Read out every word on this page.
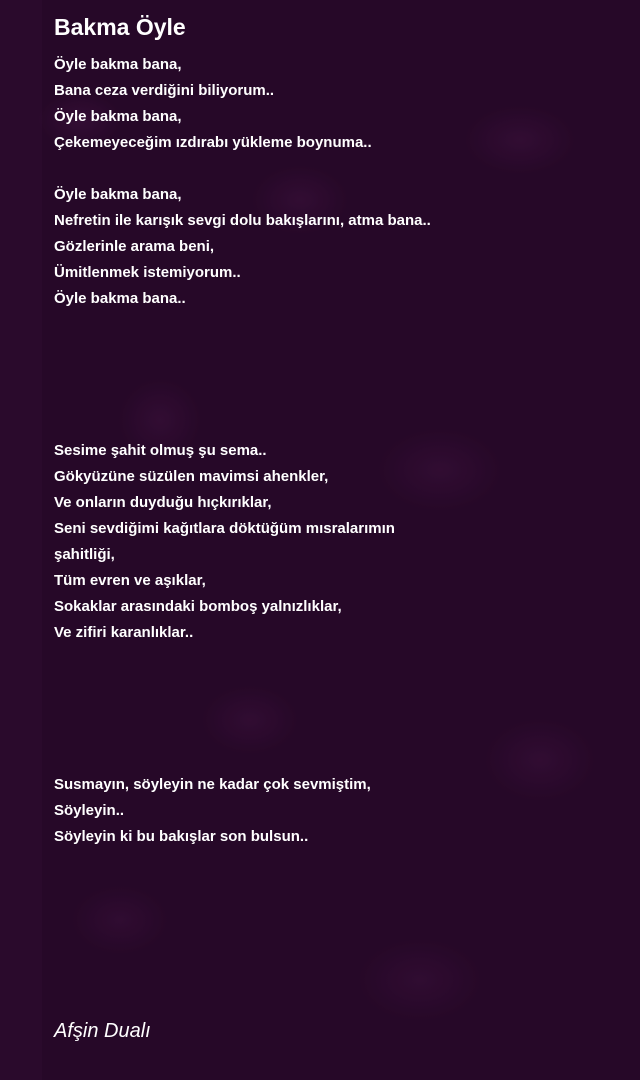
Bakma Öyle

Öyle bakma bana,
Bana ceza verdiğini biliyorum..
Öyle bakma bana,
Çekemeyeceğim ızdırabı yükleme boynuma..

Öyle bakma bana,
Nefretin ile karışık sevgi dolu bakışlarını, atma bana..
Gözlerinle arama beni,
Ümitlenmek istemiyorum..
Öyle bakma bana..

Sesime şahit olmuş şu sema..
Gökyüzüne süzülen mavimsi ahenkler,
Ve onların duyduğu hıçkırıklar,
Seni sevdiğimi kağıtlara döktüğüm mısralarımın
şahitliği,
Tüm evren ve aşıklar,
Sokaklar arasındaki bomboş yalnızlıklar,
Ve zifiri karanlıklar..

Susmayın, söyleyin ne kadar çok sevmiştim,
Söyleyin..
Söyleyin ki bu bakışlar son bulsun..

Afşin Dualı
